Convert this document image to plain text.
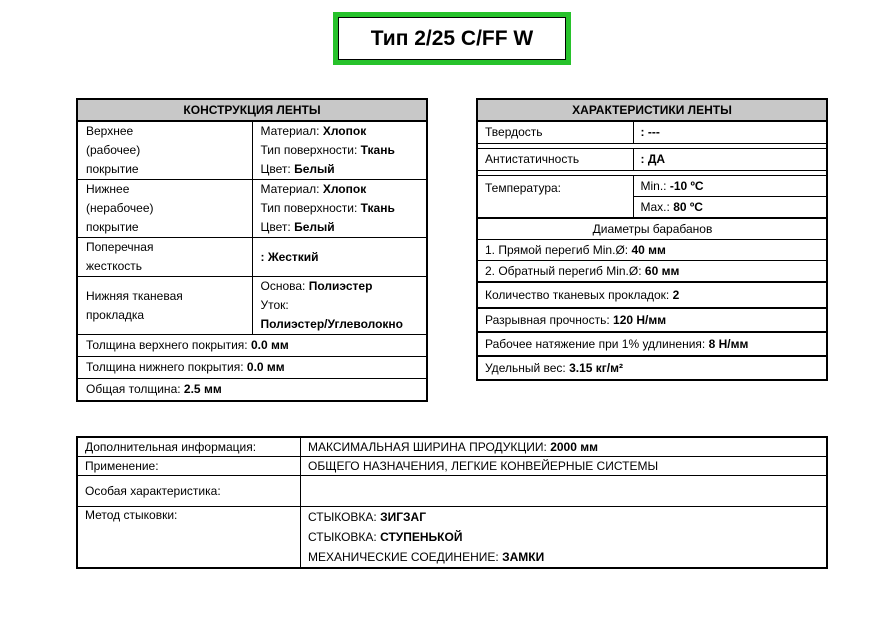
Тип 2/25 C/FF W
КОНСТРУКЦИЯ ЛЕНТЫ	

Верхнее
(рабочее)
покрытие	Материал: Хлопок
Тип поверхности: Ткань
Цвет: Белый

Нижнее
(нерабочее)
покрытие	Материал: Хлопок
Тип поверхности: Ткань
Цвет: Белый

Поперечная
жесткость	: Жесткий

Нижняя тканевая
прокладка	Основа: Полиэстер
Уток:
Полиэстер/Углеволокно

Толщина верхнего покрытия: 0.0 мм	
Толщина нижнего покрытия: 0.0 мм	
Общая толщина: 2.5 мм	
ХАРАКТЕРИСТИКИ ЛЕНТЫ	
Твердость	: ---

Антистатичность	: ДА

Температура:	Min.: -10 ºC
	Max.: 80 ºC
Диаметры барабанов	
1. Прямой перегиб Min.Ø: 40 мм	
2. Обратный перегиб Min.Ø: 60 мм	
Количество тканевых прокладок: 2	
Разрывная прочность: 120 Н/мм	
Рабочее натяжение при 1% удлинения: 8 Н/мм	
Удельный вес: 3.15 кг/м²	
Дополнительная информация:	МАКСИМАЛЬНАЯ ШИРИНА ПРОДУКЦИИ: 2000 мм
Применение:	ОБЩЕГО НАЗНАЧЕНИЯ, ЛЕГКИЕ КОНВЕЙЕРНЫЕ СИСТЕМЫ
Особая характеристика:	
Метод стыковки:	СТЫКОВКА: ЗИГЗАГ
СТЫКОВКА: СТУПЕНЬКОЙ
МЕХАНИЧЕСКИЕ СОЕДИНЕНИЕ: ЗАМКИ
